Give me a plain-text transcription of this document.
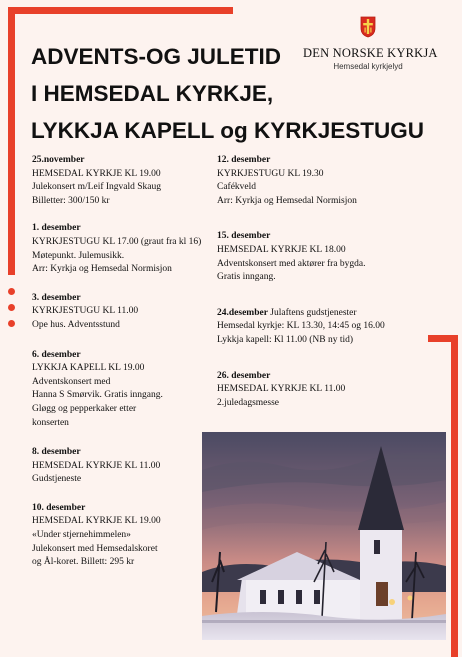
ADVENTS-OG JULETID
I HEMSEDAL KYRKJE,
LYKKJA KAPELL og KYRKJESTUGU
DEN NORSKE KYRKJA
Hemsedal kyrkjelyd
25.november
HEMSEDAL KYRKJE KL 19.00
Julekonsert m/Leif Ingvald Skaug
Billetter: 300/150 kr
1. desember
KYRKJESTUGU KL 17.00 (graut fra kl 16)
Møtepunkt. Julemusikk.
Arr: Kyrkja og Hemsedal Normisjon
3. desember
KYRKJESTUGU KL 11.00
Ope hus. Adventsstund
6. desember
LYKKJA KAPELL KL 19.00
Adventskonsert med
Hanna S Smørvik. Gratis inngang.
Gløgg og pepperkaker etter
konserten
8. desember
HEMSEDAL KYRKJE KL 11.00
Gudstjeneste
10. desember
HEMSEDAL KYRKJE KL 19.00
«Under stjernehimmelen»
Julekonsert med Hemsedalskoret
og Ål-koret. Billett: 295 kr
12. desember
KYRKJESTUGU KL 19.30
Cafékveld
Arr: Kyrkja og Hemsedal Normisjon
15. desember
HEMSEDAL KYRKJE KL 18.00
Adventskonsert med aktører fra bygda.
Gratis inngang.
24.desember Julaftens gudstjenester
Hemsedal kyrkje: KL 13.30, 14:45 og 16.00
Lykkja kapell: Kl 11.00 (NB ny tid)
26. desember
HEMSEDAL KYRKJE KL 11.00
2.juledagsmesse
